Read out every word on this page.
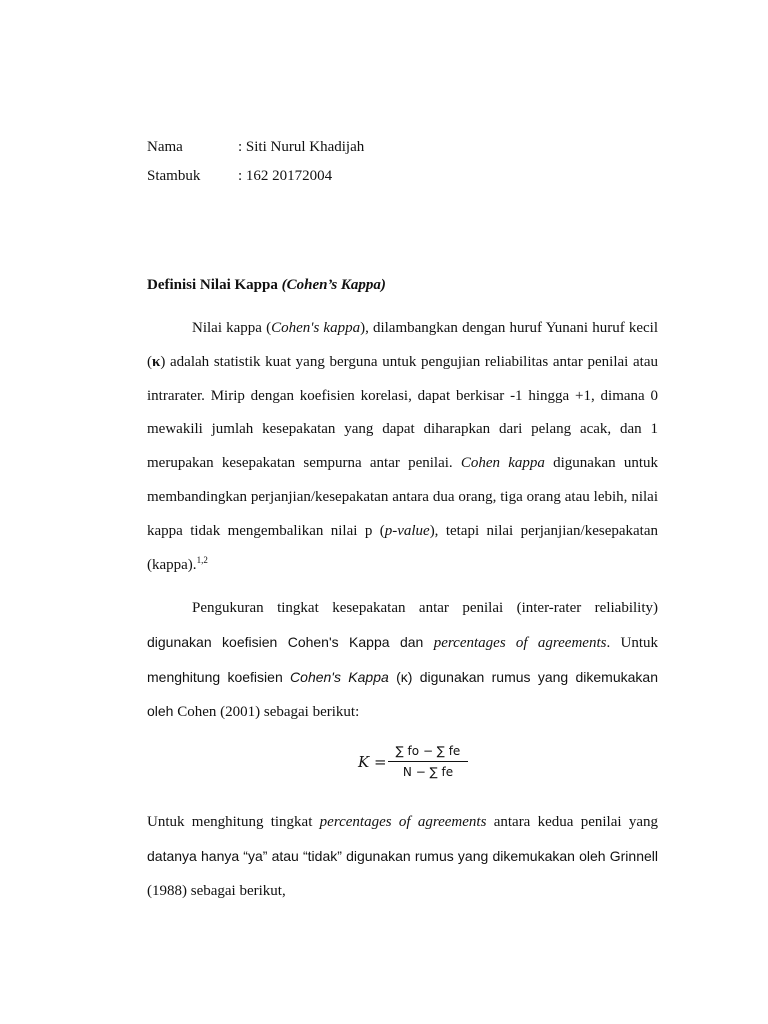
Nama	: Siti Nurul Khadijah
Stambuk	: 162 20172004
Definisi Nilai Kappa (Cohen’s Kappa)

Nilai kappa (Cohen's kappa), dilambangkan dengan huruf Yunani huruf kecil (κ) adalah statistik kuat yang berguna untuk pengujian reliabilitas antar penilai atau intrarater. Mirip dengan koefisien korelasi, dapat berkisar -1 hingga +1, dimana 0 mewakili jumlah kesepakatan yang dapat diharapkan dari pelang acak, dan 1 merupakan kesepakatan sempurna antar penilai. Cohen kappa digunakan untuk membandingkan perjanjian/kesepakatan antara dua orang, tiga orang atau lebih, nilai kappa tidak mengembalikan nilai p (p-value), tetapi nilai perjanjian/kesepakatan (kappa).$^{1,2}$

Pengukuran tingkat kesepakatan antar penilai (inter-rater reliability) digunakan koefisien Cohen's Kappa dan percentages of agreements. Untuk menghitung koefisien Cohen's Kappa (κ) digunakan rumus yang dikemukakan oleh Cohen (2001) sebagai berikut:

K =
∑ fo − ∑ fe
N − ∑ fe

Untuk menghitung tingkat percentages of agreements antara kedua penilai yang datanya hanya “ya” atau “tidak” digunakan rumus yang dikemukakan oleh Grinnell (1988) sebagai berikut,
